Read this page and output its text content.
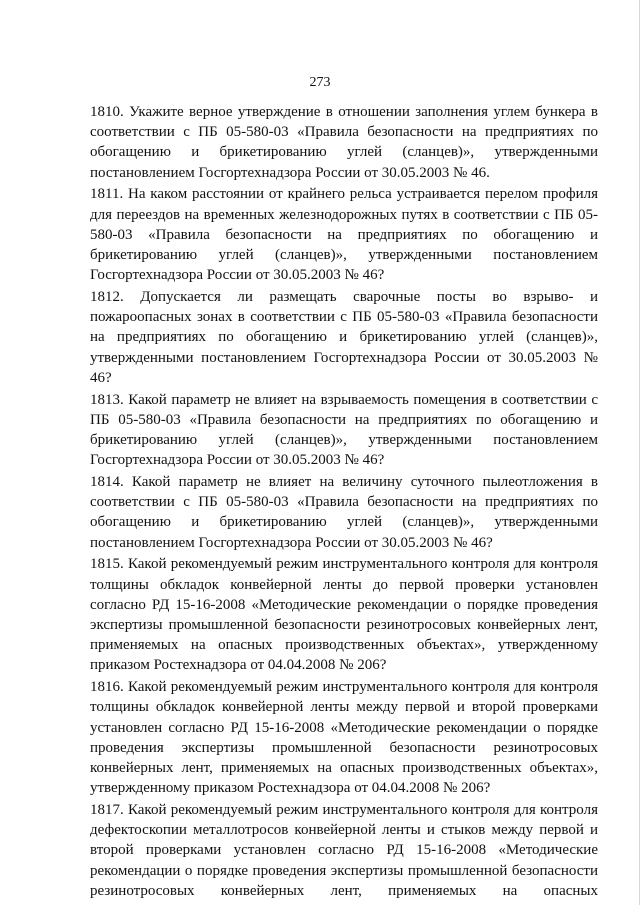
273

1810. Укажите верное утверждение в отношении заполнения углем бункера в соответствии с ПБ 05-580-03 «Правила безопасности на предприятиях по обогащению и брикетированию углей (сланцев)», утвержденными постановлением Госгортехнадзора России от 30.05.2003 № 46.

1811. На каком расстоянии от крайнего рельса устраивается перелом профиля для переездов на временных железнодорожных путях в соответствии с ПБ 05-580-03 «Правила безопасности на предприятиях по обогащению и брикетированию углей (сланцев)», утвержденными постановлением Госгортехнадзора России от 30.05.2003 № 46?

1812. Допускается ли размещать сварочные посты во взрыво- и пожароопасных зонах в соответствии с ПБ 05-580-03 «Правила безопасности на предприятиях по обогащению и брикетированию углей (сланцев)», утвержденными постановлением Госгортехнадзора России от 30.05.2003 № 46?

1813. Какой параметр не влияет на взрываемость помещения в соответствии с ПБ 05-580-03 «Правила безопасности на предприятиях по обогащению и брикетированию углей (сланцев)», утвержденными постановлением Госгортехнадзора России от 30.05.2003 № 46?

1814. Какой параметр не влияет на величину суточного пылеотложения в соответствии с ПБ 05-580-03 «Правила безопасности на предприятиях по обогащению и брикетированию углей (сланцев)», утвержденными постановлением Госгортехнадзора России от 30.05.2003 № 46?

1815. Какой рекомендуемый режим инструментального контроля для контроля толщины обкладок конвейерной ленты до первой проверки установлен согласно РД 15-16-2008 «Методические рекомендации о порядке проведения экспертизы промышленной безопасности резинотросовых конвейерных лент, применяемых на опасных производственных объектах», утвержденному приказом Ростехнадзора от 04.04.2008 № 206?

1816. Какой рекомендуемый режим инструментального контроля для контроля толщины обкладок конвейерной ленты между первой и второй проверками установлен согласно РД 15-16-2008 «Методические рекомендации о порядке проведения экспертизы промышленной безопасности резинотросовых конвейерных лент, применяемых на опасных производственных объектах», утвержденному приказом Ростехнадзора от 04.04.2008 № 206?

1817. Какой рекомендуемый режим инструментального контроля для контроля дефектоскопии металлотросов конвейерной ленты и стыков между первой и второй проверками установлен согласно РД 15-16-2008 «Методические рекомендации о порядке проведения экспертизы промышленной безопасности резинотросовых конвейерных лент, применяемых на опасных
